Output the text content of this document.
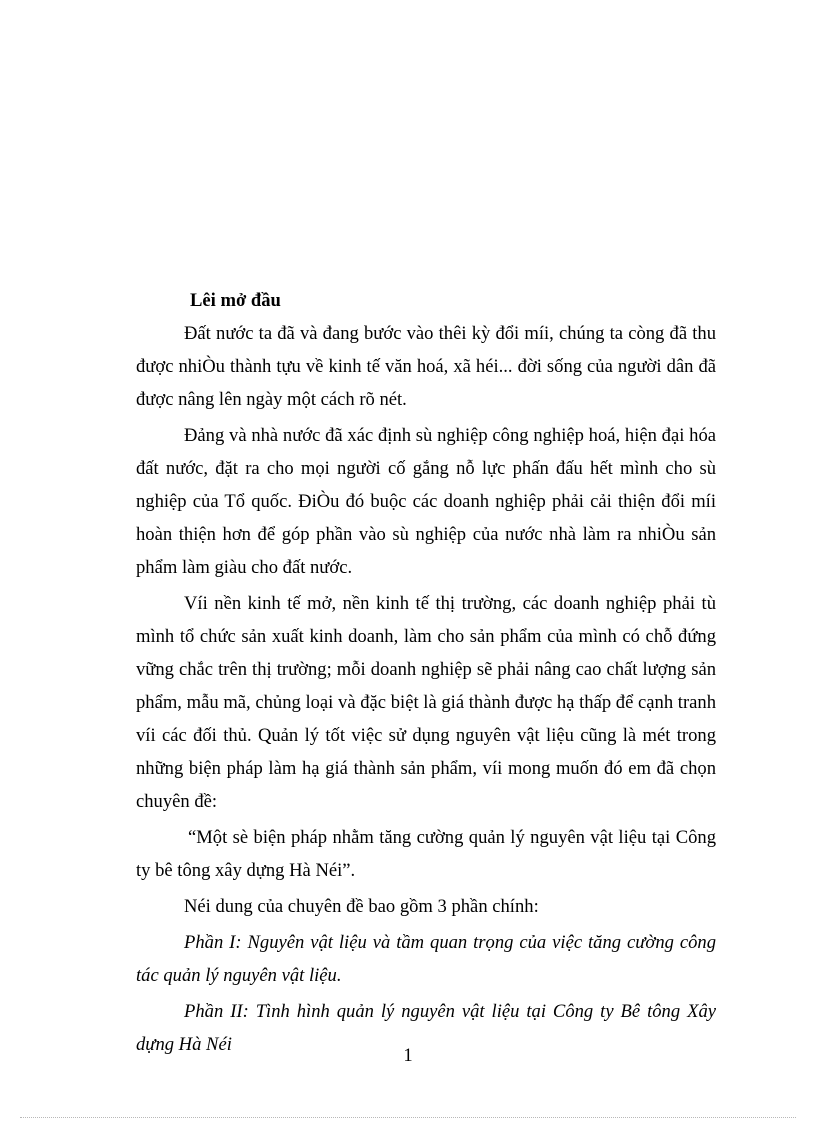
Lêi mở đầu

Đất nước ta đã và đang bước vào thêi kỳ đổi míi, chúng ta còng đã thu được nhiÒu thành tựu về kinh tế văn hoá, xã héi... đời sống của người dân đã được nâng lên ngày một cách rõ nét.

Đảng và nhà nước đã xác định sù nghiệp công nghiệp hoá, hiện đại hóa đất nước, đặt ra cho mọi người cố gắng nỗ lực phấn đấu hết mình cho sù nghiệp của Tổ quốc. ĐiÒu đó buộc các doanh nghiệp phải cải thiện đổi míi hoàn thiện hơn để góp phần vào sù nghiệp của nước nhà làm ra nhiÒu sản phẩm làm giàu cho đất nước.

Víi nền kinh tế mở, nền kinh tế thị trường, các doanh nghiệp phải tù mình tổ chức sản xuất kinh doanh, làm cho sản phẩm của mình có chỗ đứng vững chắc trên thị trường; mỗi doanh nghiệp sẽ phải nâng cao chất lượng sản phẩm, mẫu mã, chủng loại và đặc biệt là giá thành được hạ thấp để cạnh tranh víi các đối thủ. Quản lý tốt việc sử dụng nguyên vật liệu cũng là mét trong những biện pháp làm hạ giá thành sản phẩm, víi mong muốn đó em đã chọn chuyên đề:

“Một sè biện pháp nhằm tăng cường quản lý nguyên vật liệu tại Công ty bê tông xây dựng Hà Néi”.

Néi dung của chuyên đề bao gồm 3 phần chính:

Phần I: Nguyên vật liệu và tầm quan trọng của việc tăng cường công tác quản lý nguyên vật liệu.

Phần II: Tình hình quản lý nguyên vật liệu tại Công ty Bê tông Xây dựng Hà Néi

1
